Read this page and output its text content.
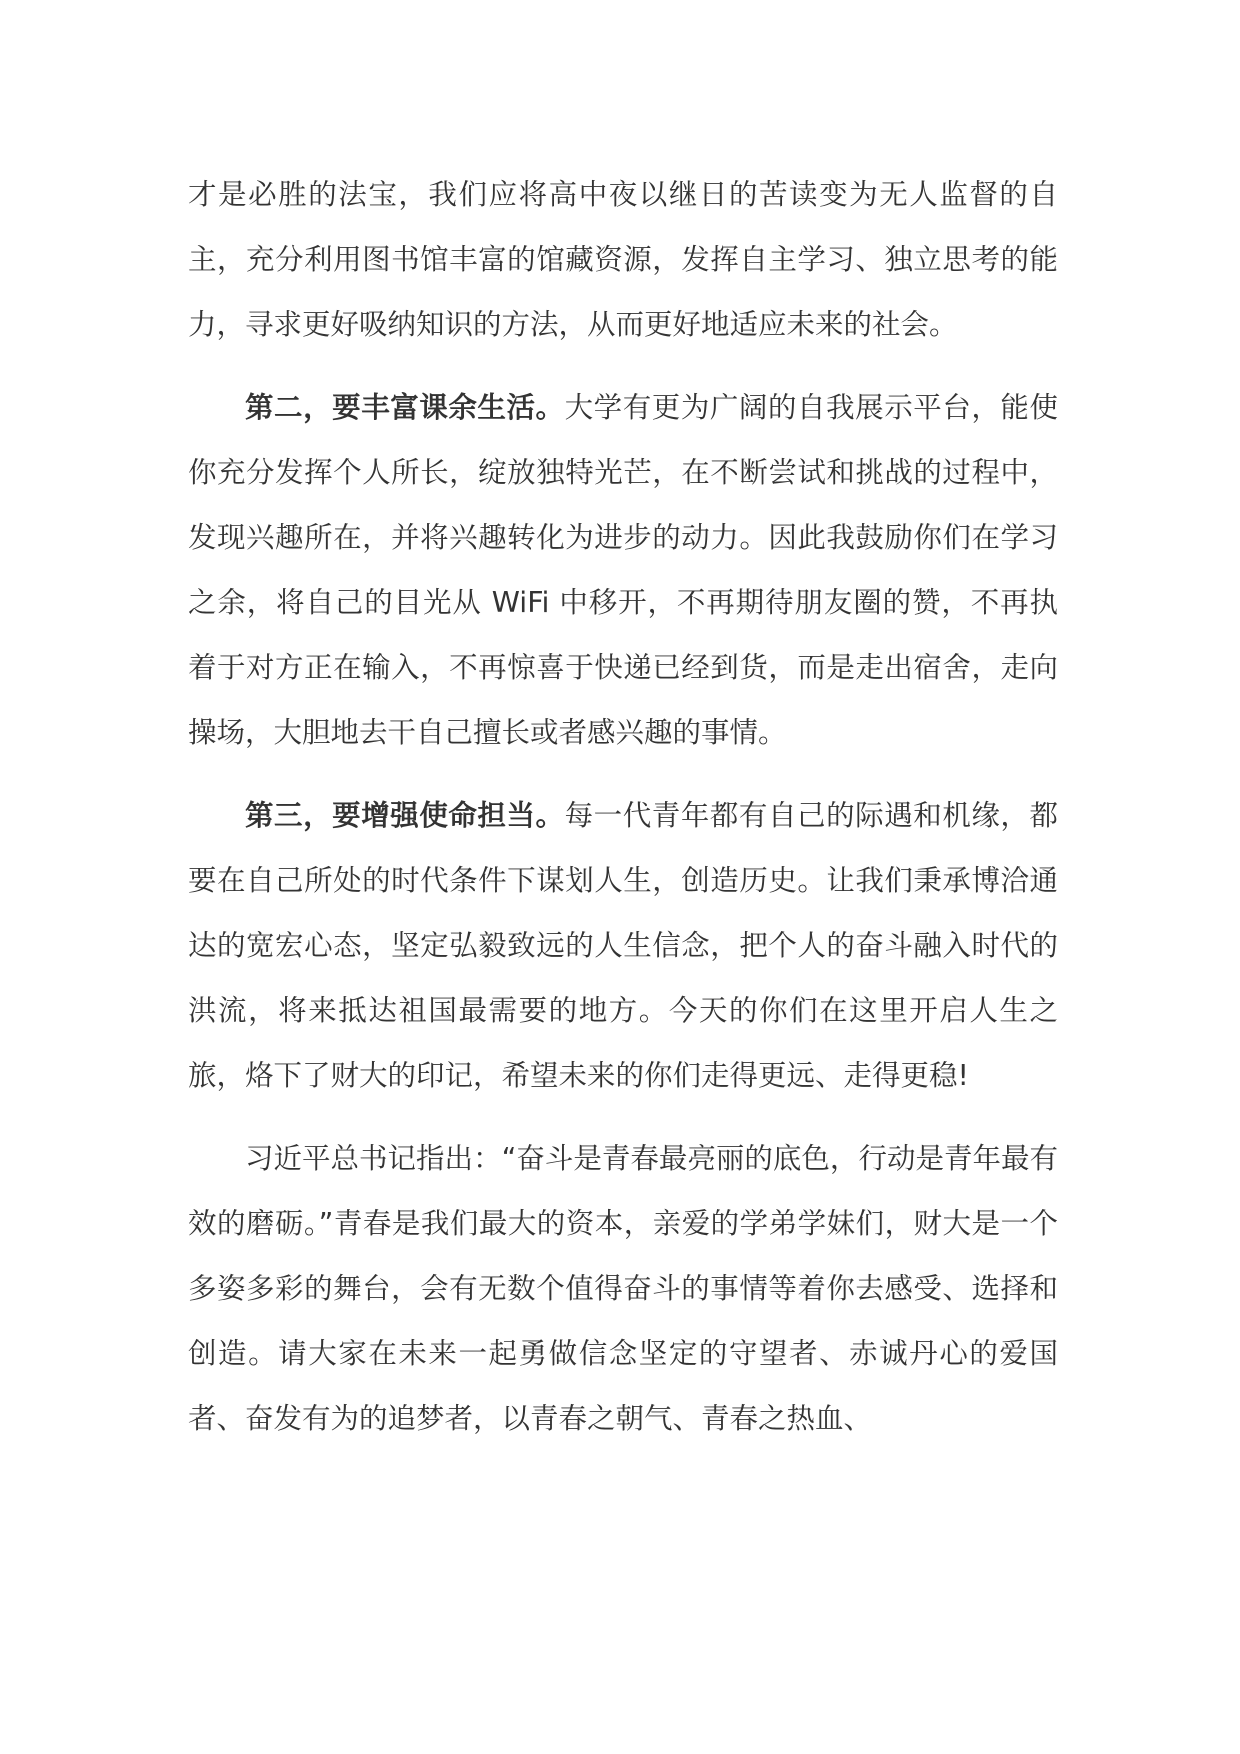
才是必胜的法宝，我们应将高中夜以继日的苦读变为无人监督的自主，充分利用图书馆丰富的馆藏资源，发挥自主学习、独立思考的能力，寻求更好吸纳知识的方法，从而更好地适应未来的社会。

第二，要丰富课余生活。大学有更为广阔的自我展示平台，能使你充分发挥个人所长，绽放独特光芒，在不断尝试和挑战的过程中，发现兴趣所在，并将兴趣转化为进步的动力。因此我鼓励你们在学习之余，将自己的目光从 WiFi 中移开，不再期待朋友圈的赞，不再执着于对方正在输入，不再惊喜于快递已经到货，而是走出宿舍，走向操场，大胆地去干自己擅长或者感兴趣的事情。

第三，要增强使命担当。每一代青年都有自己的际遇和机缘，都要在自己所处的时代条件下谋划人生，创造历史。让我们秉承博洽通达的宽宏心态，坚定弘毅致远的人生信念，把个人的奋斗融入时代的洪流，将来抵达祖国最需要的地方。今天的你们在这里开启人生之旅，烙下了财大的印记，希望未来的你们走得更远、走得更稳!

习近平总书记指出：“奋斗是青春最亮丽的底色，行动是青年最有效的磨砺。”青春是我们最大的资本，亲爱的学弟学妹们，财大是一个多姿多彩的舞台，会有无数个值得奋斗的事情等着你去感受、选择和创造。请大家在未来一起勇做信念坚定的守望者、赤诚丹心的爱国者、奋发有为的追梦者，以青春之朝气、青春之热血、
